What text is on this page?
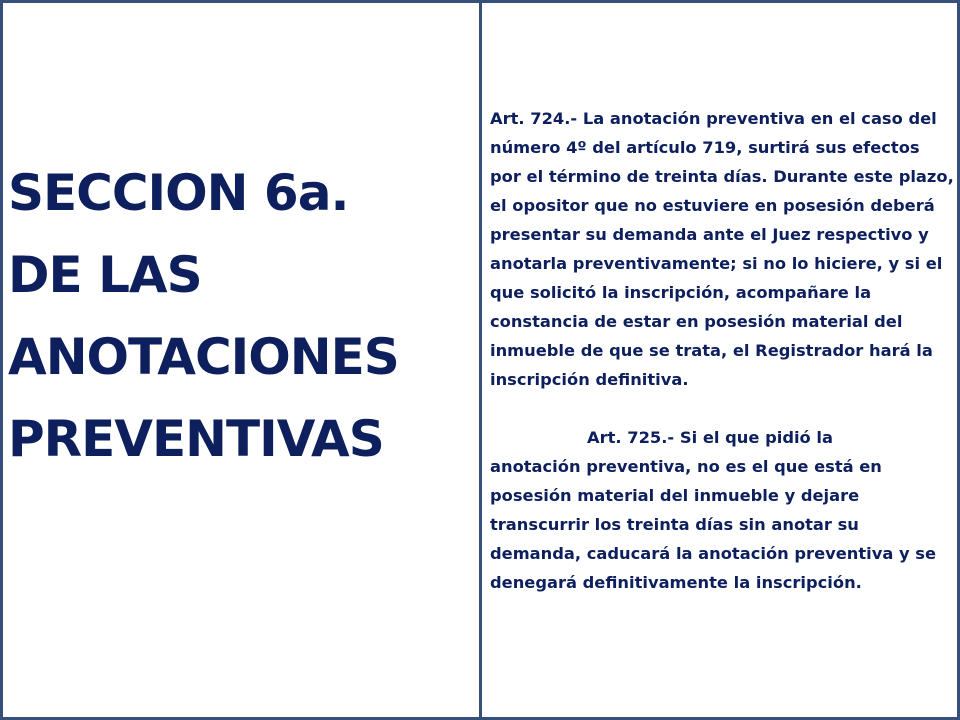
SECCION 6a.
DE LAS
ANOTACIONES
PREVENTIVAS

Art. 724.- La anotación preventiva en el caso del número 4º del artículo 719, surtirá sus efectos por el término de treinta días. Durante este plazo, el opositor que no estuviere en posesión deberá presentar su demanda ante el Juez respectivo y anotarla preventivamente; si no lo hiciere, y si el que solicitó la inscripción, acompañare la constancia de estar en posesión material del inmueble de que se trata, el Registrador hará la inscripción definitiva.

Art. 725.- Si el que pidió la
anotación preventiva, no es el que está en posesión material del inmueble y dejare transcurrir los treinta días sin anotar su demanda, caducará la anotación preventiva y se denegará definitivamente la inscripción.
